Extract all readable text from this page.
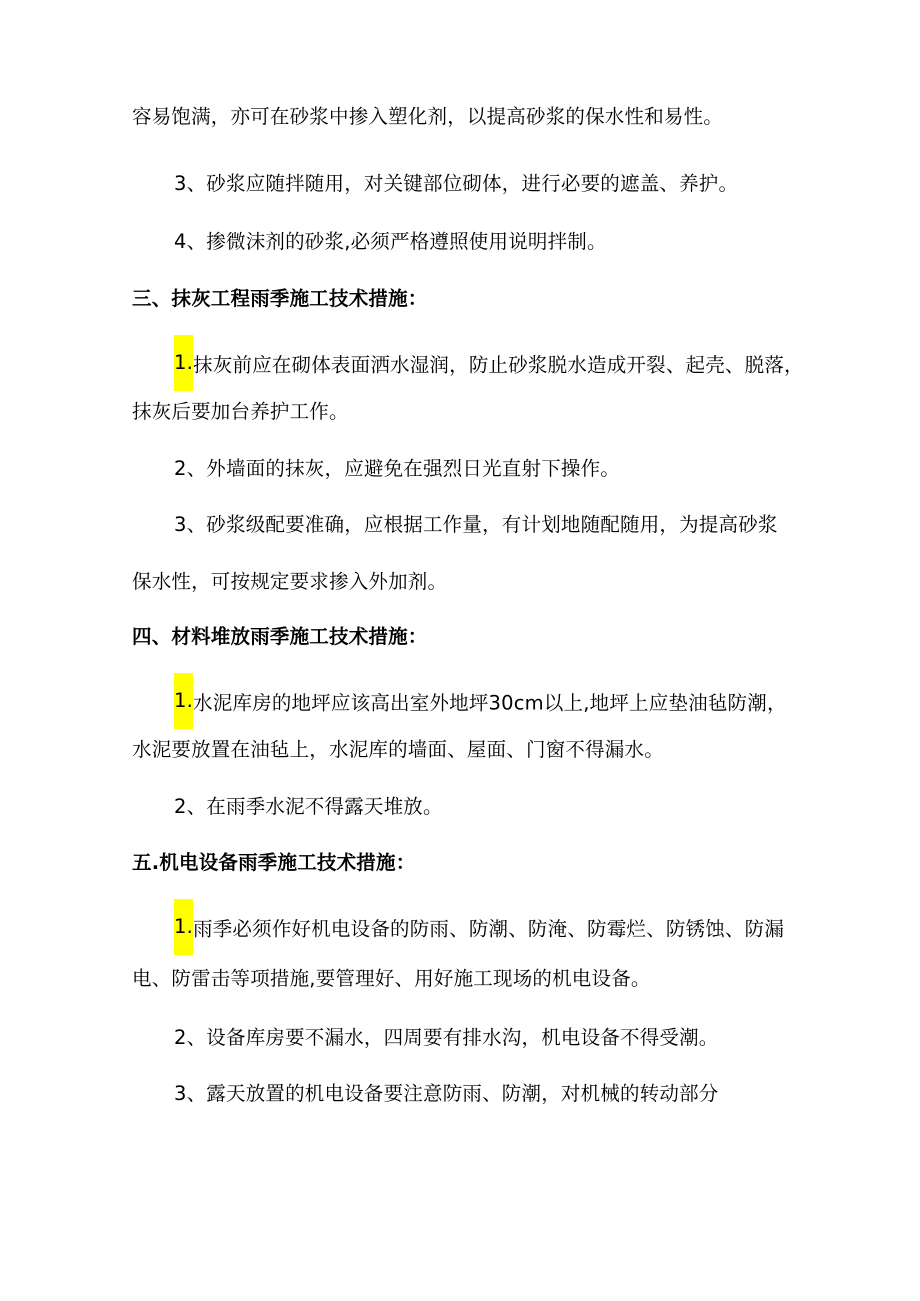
容易饱满，亦可在砂浆中掺入塑化剂，以提高砂浆的保水性和易性。
3、砂浆应随拌随用，对关键部位砌体，进行必要的遮盖、养护。
4、掺微沫剂的砂浆,必须严格遵照使用说明拌制。
三、抹灰工程雨季施工技术措施：
1.抹灰前应在砌体表面洒水湿润，防止砂浆脱水造成开裂、起壳、脱落，
抹灰后要加台养护工作。
2、外墙面的抹灰，应避免在强烈日光直射下操作。
3、砂浆级配要准确，应根据工作量，有计划地随配随用，为提高砂浆
保水性，可按规定要求掺入外加剂。
四、材料堆放雨季施工技术措施：
1.水泥库房的地坪应该高出室外地坪30cm以上,地坪上应垫油毡防潮，
水泥要放置在油毡上，水泥库的墙面、屋面、门窗不得漏水。
2、在雨季水泥不得露天堆放。
五.机电设备雨季施工技术措施：
1.雨季必须作好机电设备的防雨、防潮、防淹、防霉烂、防锈蚀、防漏
电、防雷击等项措施,要管理好、用好施工现场的机电设备。
2、设备库房要不漏水，四周要有排水沟，机电设备不得受潮。
3、露天放置的机电设备要注意防雨、防潮，对机械的转动部分
